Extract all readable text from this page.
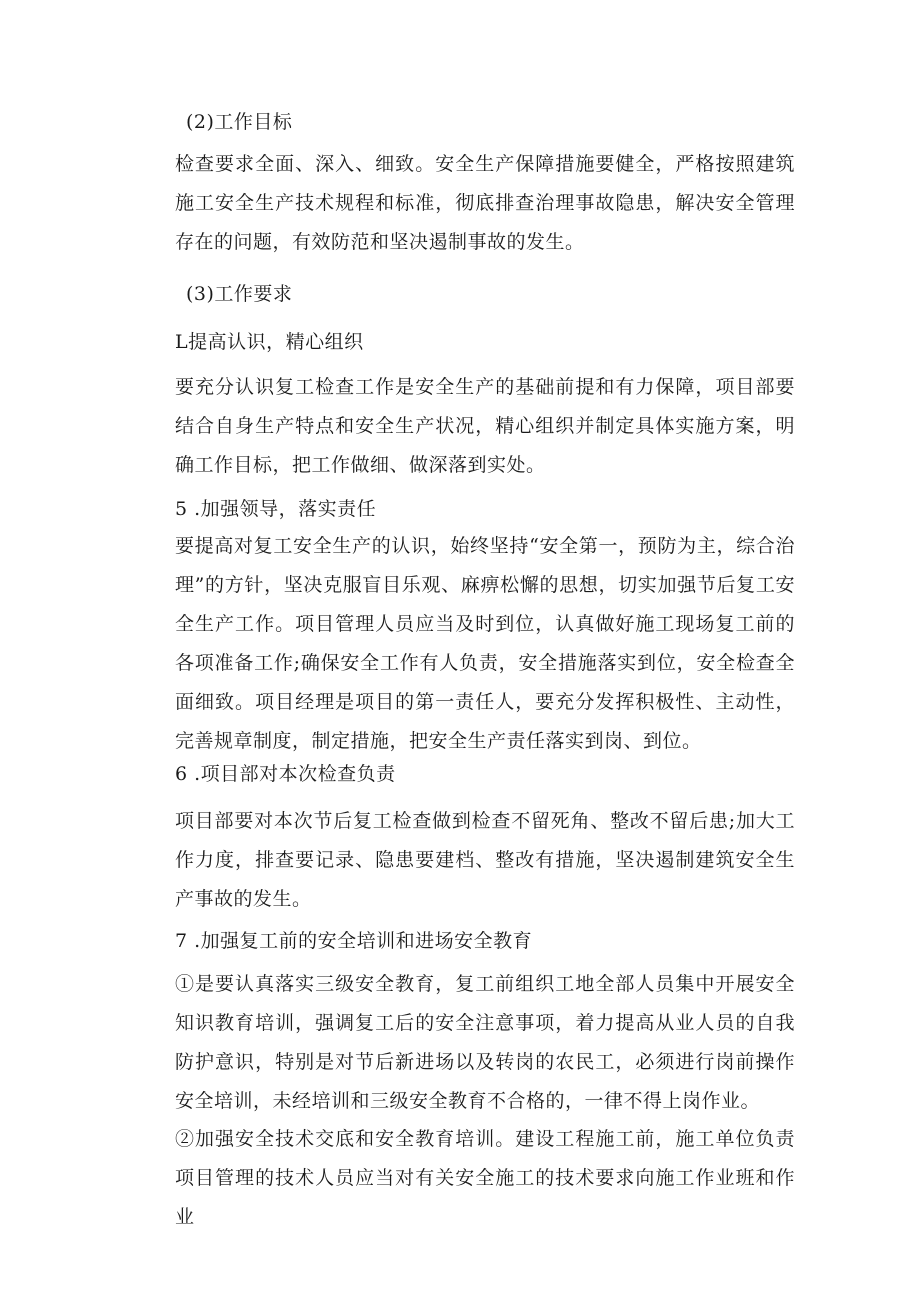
(2)工作目标

检查要求全面、深入、细致。安全生产保障措施要健全，严格按照建筑施工安全生产技术规程和标准，彻底排查治理事故隐患，解决安全管理存在的问题，有效防范和坚决遏制事故的发生。

(3)工作要求

L提高认识，精心组织

要充分认识复工检查工作是安全生产的基础前提和有力保障，项目部要结合自身生产特点和安全生产状况，精心组织并制定具体实施方案，明确工作目标，把工作做细、做深落到实处。

5 .加强领导，落实责任

要提高对复工安全生产的认识，始终坚持“安全第一，预防为主，综合治理”的方针，坚决克服盲目乐观、麻痹松懈的思想，切实加强节后复工安全生产工作。项目管理人员应当及时到位，认真做好施工现场复工前的各项准备工作;确保安全工作有人负责，安全措施落实到位，安全检查全面细致。项目经理是项目的第一责任人，要充分发挥积极性、主动性，完善规章制度，制定措施，把安全生产责任落实到岗、到位。

6 .项目部对本次检查负责

项目部要对本次节后复工检查做到检查不留死角、整改不留后患;加大工作力度，排查要记录、隐患要建档、整改有措施，坚决遏制建筑安全生产事故的发生。

7 .加强复工前的安全培训和进场安全教育

①是要认真落实三级安全教育，复工前组织工地全部人员集中开展安全知识教育培训，强调复工后的安全注意事项，着力提高从业人员的自我防护意识，特别是对节后新进场以及转岗的农民工，必须进行岗前操作安全培训，未经培训和三级安全教育不合格的，一律不得上岗作业。

②加强安全技术交底和安全教育培训。建设工程施工前，施工单位负责项目管理的技术人员应当对有关安全施工的技术要求向施工作业班和作业
